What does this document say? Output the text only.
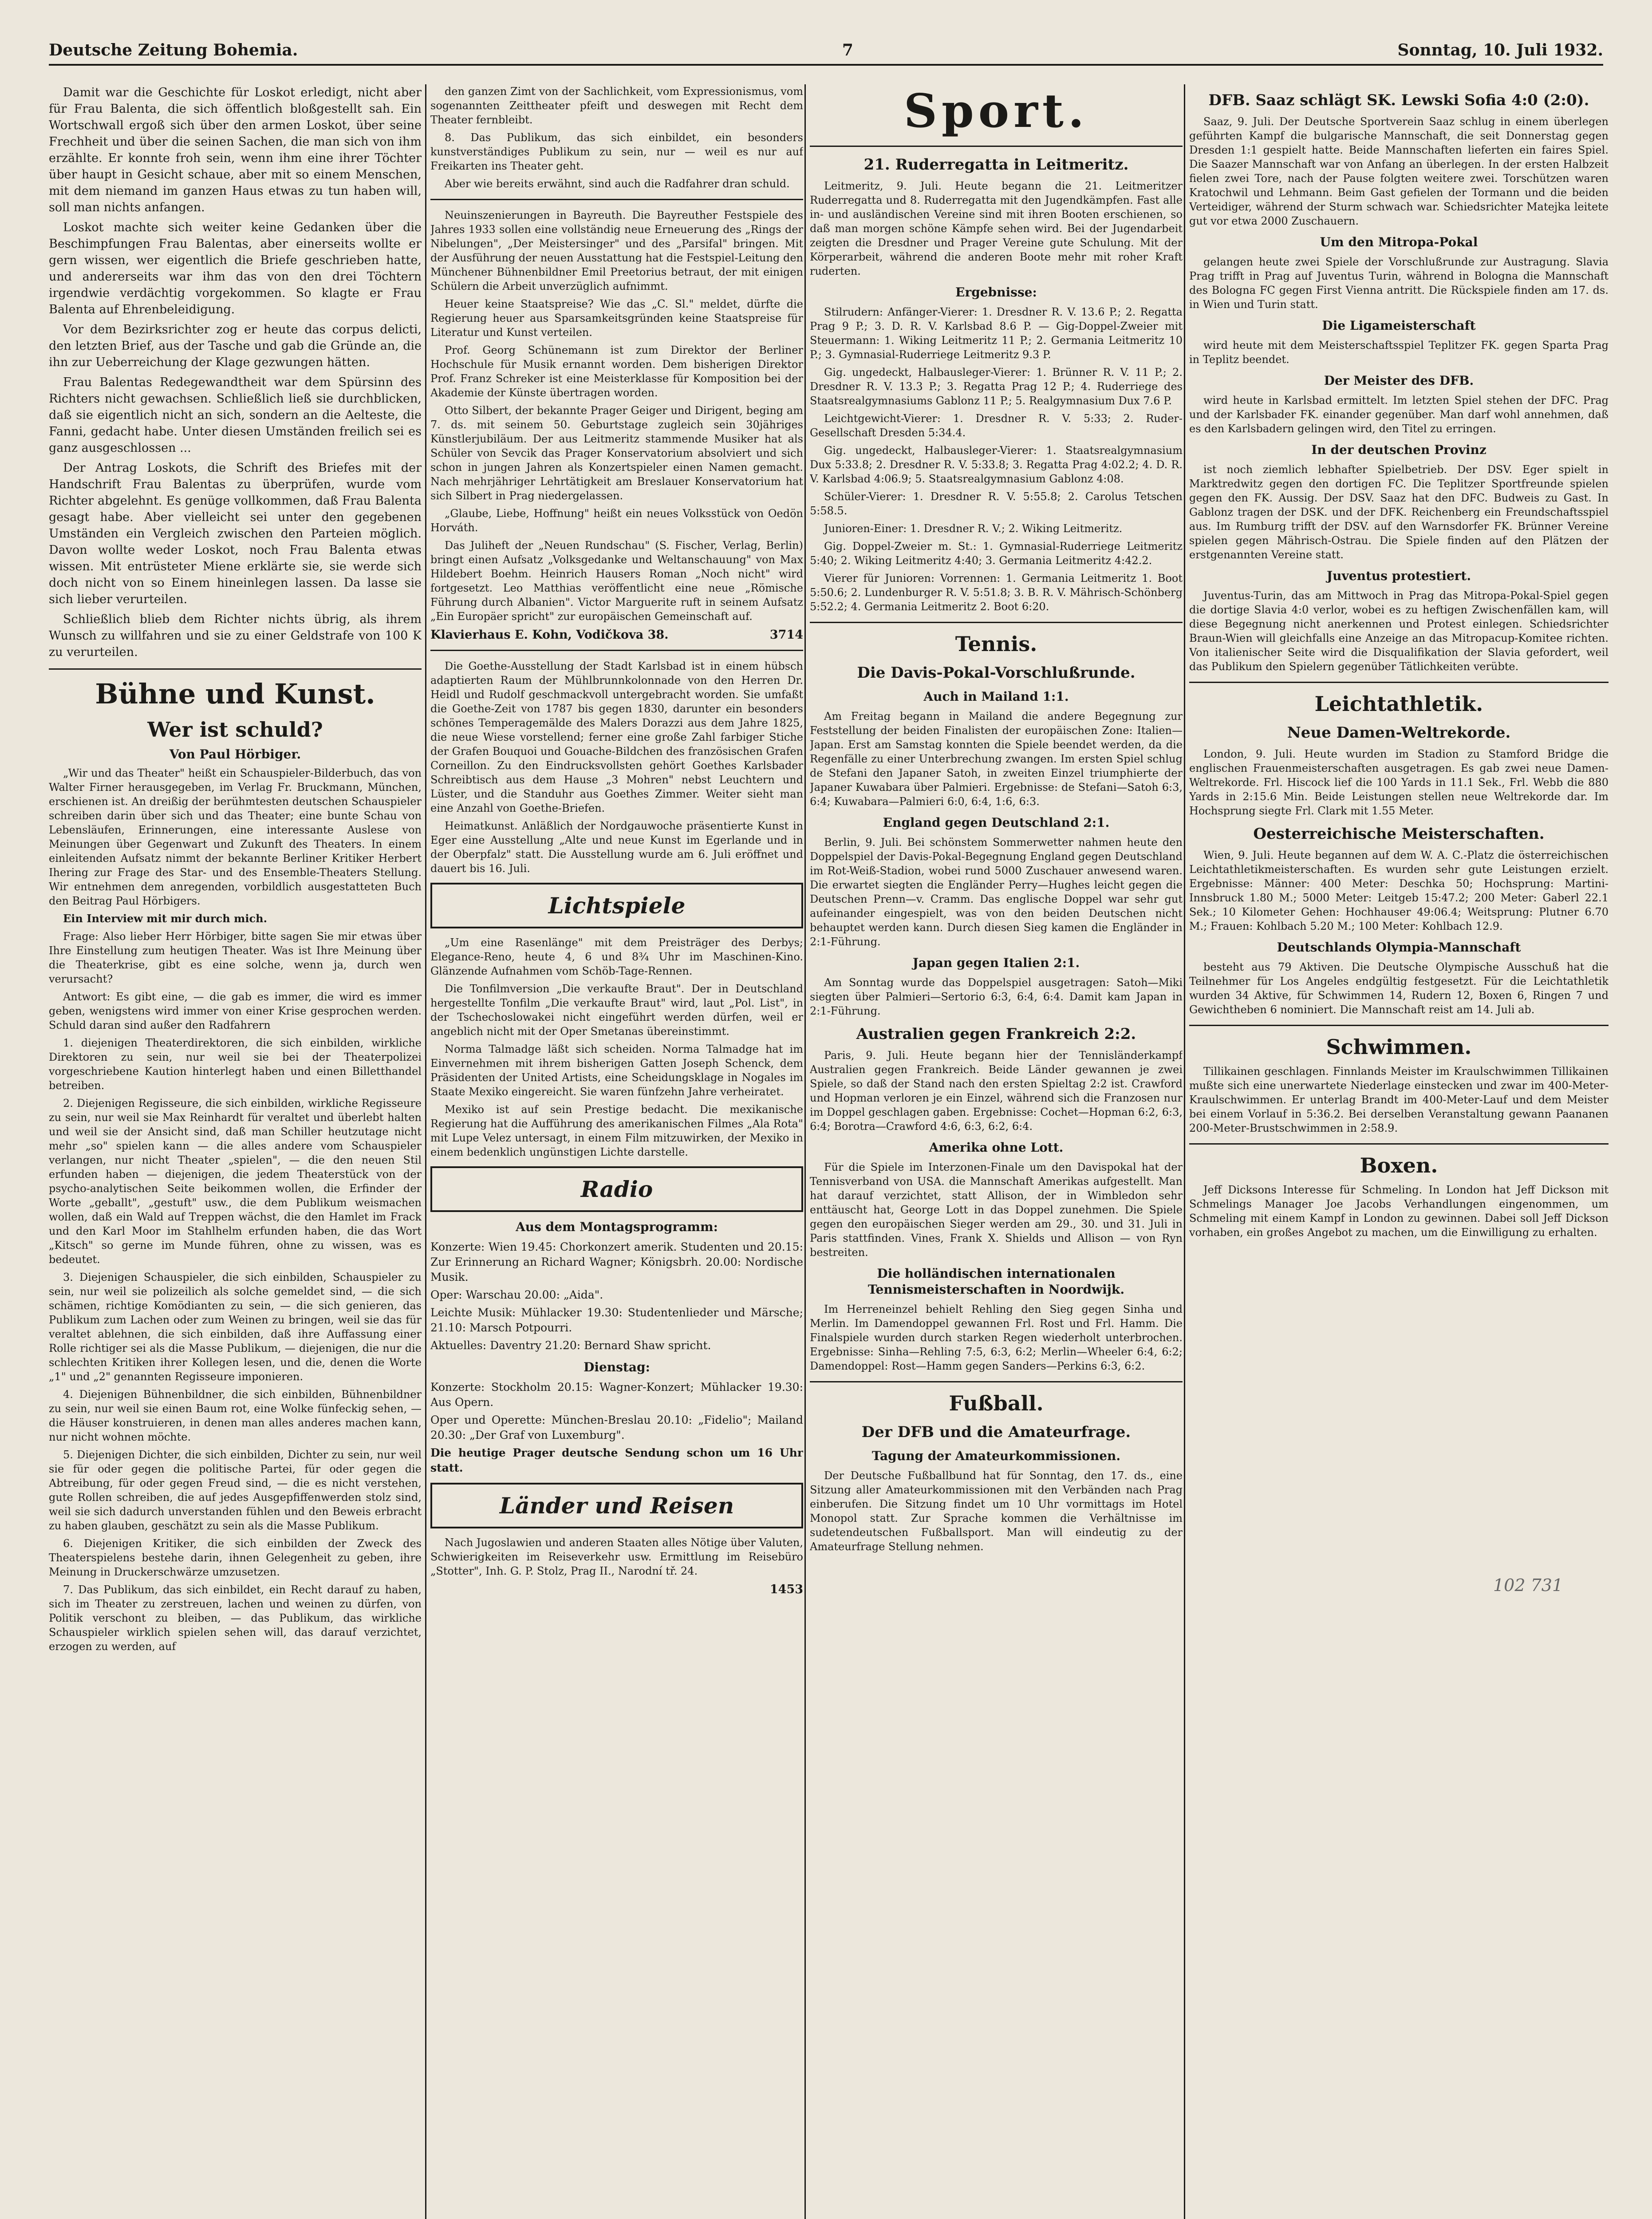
Deutsche Zeitung Bohemia.	7	Sonntag, 10. Juli 1932.

Damit war die Geschichte für Loskot erledigt, nicht aber für Frau Balenta, die sich öffentlich bloßgestellt sah. Ein Wortschwall ergoß sich über den armen Loskot, über seine Frechheit und über die seinen Sachen, die man sich von ihm erzählte. Er konnte froh sein, wenn ihm eine ihrer Töchter über haupt in Gesicht schaue, aber mit so einem Menschen, mit dem niemand im ganzen Haus etwas zu tun haben will, soll man nichts anfangen.

Loskot machte sich weiter keine Gedanken über die Beschimpfungen Frau Balentas, aber einerseits wollte er gern wissen, wer eigentlich die Briefe geschrieben hatte, und andererseits war ihm das von den drei Töchtern irgendwie verdächtig vorgekommen. So klagte er Frau Balenta auf Ehrenbeleidigung.

Vor dem Bezirksrichter zog er heute das corpus delicti, den letzten Brief, aus der Tasche und gab die Gründe an, die ihn zur Ueberreichung der Klage gezwungen hätten.

Frau Balentas Redegewandtheit war dem Spürsinn des Richters nicht gewachsen. Schließlich ließ sie durchblicken, daß sie eigentlich nicht an sich, sondern an die Aelteste, die Fanni, gedacht habe. Unter diesen Umständen freilich sei es ganz ausgeschlossen ...

Der Antrag Loskots, die Schrift des Briefes mit der Handschrift Frau Balentas zu überprüfen, wurde vom Richter abgelehnt. Es genüge vollkommen, daß Frau Balenta gesagt habe. Aber vielleicht sei unter den gegebenen Umständen ein Vergleich zwischen den Parteien möglich. Davon wollte weder Loskot, noch Frau Balenta etwas wissen. Mit entrüsteter Miene erklärte sie, sie werde sich doch nicht von so Einem hineinlegen lassen. Da lasse sie sich lieber verurteilen.

Schließlich blieb dem Richter nichts übrig, als ihrem Wunsch zu willfahren und sie zu einer Geldstrafe von 100 K zu verurteilen.

Bühne und Kunst.
Wer ist schuld?
Von Paul Hörbiger.

„Wir und das Theater" heißt ein Schauspieler-Bilderbuch, das von Walter Firner herausgegeben, im Verlag Fr. Bruckmann, München, erschienen ist. An dreißig der berühmtesten deutschen Schauspieler schreiben darin über sich und das Theater; eine bunte Schau von Lebensläufen, Erinnerungen, eine interessante Auslese von Meinungen über Gegenwart und Zukunft des Theaters. In einem einleitenden Aufsatz nimmt der bekannte Berliner Kritiker Herbert Ihering zur Frage des Star- und des Ensemble-Theaters Stellung. Wir entnehmen dem anregenden, vorbildlich ausgestatteten Buch den Beitrag Paul Hörbigers.

Ein Interview mit mir durch mich.

Frage: Also lieber Herr Hörbiger, bitte sagen Sie mir etwas über Ihre Einstellung zum heutigen Theater. Was ist Ihre Meinung über die Theaterkrise, gibt es eine solche, wenn ja, durch wen verursacht?

Antwort: Es gibt eine, — die gab es immer, die wird es immer geben, wenigstens wird immer von einer Krise gesprochen werden. Schuld daran sind außer den Radfahrern

1. diejenigen Theaterdirektoren, die sich einbilden, wirkliche Direktoren zu sein, nur weil sie bei der Theaterpolizei vorgeschriebene Kaution hinterlegt haben und einen Billetthandel betreiben.

2. Diejenigen Regisseure, die sich einbilden, wirkliche Regisseure zu sein, nur weil sie Max Reinhardt für veraltet und überlebt halten und weil sie der Ansicht sind, daß man Schiller heutzutage nicht mehr „so" spielen kann — die alles andere vom Schauspieler verlangen, nur nicht Theater „spielen", — die den neuen Stil erfunden haben — diejenigen, die jedem Theaterstück von der psycho-analytischen Seite beikommen wollen, die Erfinder der Worte „geballt", „gestuft" usw., die dem Publikum weismachen wollen, daß ein Wald auf Treppen wächst, die den Hamlet im Frack und den Karl Moor im Stahlhelm erfunden haben, die das Wort „Kitsch" so gerne im Munde führen, ohne zu wissen, was es bedeutet.

3. Diejenigen Schauspieler, die sich einbilden, Schauspieler zu sein, nur weil sie polizeilich als solche gemeldet sind, — die sich schämen, richtige Komödianten zu sein, — die sich genieren, das Publikum zum Lachen oder zum Weinen zu bringen, weil sie das für veraltet ablehnen, die sich einbilden, daß ihre Auffassung einer Rolle richtiger sei als die Masse Publikum, — diejenigen, die nur die schlechten Kritiken ihrer Kollegen lesen, und die, denen die Worte „1" und „2" genannten Regisseure imponieren.

4. Diejenigen Bühnenbildner, die sich einbilden, Bühnenbildner zu sein, nur weil sie einen Baum rot, eine Wolke fünfeckig sehen, — die Häuser konstruieren, in denen man alles anderes machen kann, nur nicht wohnen möchte.

5. Diejenigen Dichter, die sich einbilden, Dichter zu sein, nur weil sie für oder gegen die politische Partei, für oder gegen die Abtreibung, für oder gegen Freud sind, — die es nicht verstehen, gute Rollen schreiben, die auf jedes Ausgepfiffenwerden stolz sind, weil sie sich dadurch unverstanden fühlen und den Beweis erbracht zu haben glauben, geschätzt zu sein als die Masse Publikum.

6. Diejenigen Kritiker, die sich einbilden der Zweck des Theaterspielens bestehe darin, ihnen Gelegenheit zu geben, ihre Meinung in Druckerschwärze umzusetzen.

7. Das Publikum, das sich einbildet, ein Recht darauf zu haben, sich im Theater zu zerstreuen, lachen und weinen zu dürfen, von Politik verschont zu bleiben, — das Publikum, das wirkliche Schauspieler wirklich spielen sehen will, das darauf verzichtet, erzogen zu werden, auf

den ganzen Zimt von der Sachlichkeit, vom Expressionismus, vom sogenannten Zeittheater pfeift und deswegen mit Recht dem Theater fernbleibt.

8. Das Publikum, das sich einbildet, ein besonders kunstverständiges Publikum zu sein, nur — weil es nur auf Freikarten ins Theater geht.

Aber wie bereits erwähnt, sind auch die Radfahrer dran schuld.

Neuinszenierungen in Bayreuth. Die Bayreuther Festspiele des Jahres 1933 sollen eine vollständig neue Erneuerung des „Rings der Nibelungen", „Der Meistersinger" und des „Parsifal" bringen. Mit der Ausführung der neuen Ausstattung hat die Festspiel-Leitung den Münchener Bühnenbildner Emil Preetorius betraut, der mit einigen Schülern die Arbeit unverzüglich aufnimmt.

Heuer keine Staatspreise? Wie das „C. Sl." meldet, dürfte die Regierung heuer aus Sparsamkeitsgründen keine Staatspreise für Literatur und Kunst verteilen.

Prof. Georg Schünemann ist zum Direktor der Berliner Hochschule für Musik ernannt worden. Dem bisherigen Direktor Prof. Franz Schreker ist eine Meisterklasse für Komposition bei der Akademie der Künste übertragen worden.

Otto Silbert, der bekannte Prager Geiger und Dirigent, beging am 7. ds. mit seinem 50. Geburtstage zugleich sein 30jähriges Künstlerjubiläum. Der aus Leitmeritz stammende Musiker hat als Schüler von Sevcik das Prager Konservatorium absolviert und sich schon in jungen Jahren als Konzertspieler einen Namen gemacht. Nach mehrjähriger Lehrtätigkeit am Breslauer Konservatorium hat sich Silbert in Prag niedergelassen.

„Glaube, Liebe, Hoffnung" heißt ein neues Volksstück von Oedön Horváth.

Das Juliheft der „Neuen Rundschau" (S. Fischer, Verlag, Berlin) bringt einen Aufsatz „Volksgedanke und Weltanschauung" von Max Hildebert Boehm. Heinrich Hausers Roman „Noch nicht" wird fortgesetzt. Leo Matthias veröffentlicht eine neue „Römische Führung durch Albanien". Victor Marguerite ruft in seinem Aufsatz „Ein Europäer spricht" zur europäischen Gemeinschaft auf.

Klavierhaus E. Kohn, Vodičkova 38.	3714

Die Goethe-Ausstellung der Stadt Karlsbad ist in einem hübsch adaptierten Raum der Mühlbrunnkolonnade von den Herren Dr. Heidl und Rudolf geschmackvoll untergebracht worden. Sie umfaßt die Goethe-Zeit von 1787 bis gegen 1830, darunter ein besonders schönes Temperagemälde des Malers Dorazzi aus dem Jahre 1825, die neue Wiese vorstellend; ferner eine große Zahl farbiger Stiche der Grafen Bouquoi und Gouache-Bildchen des französischen Grafen Corneillon. Zu den Eindrucksvollsten gehört Goethes Karlsbader Schreibtisch aus dem Hause „3 Mohren" nebst Leuchtern und Lüster, und die Standuhr aus Goethes Zimmer. Weiter sieht man eine Anzahl von Goethe-Briefen.

Heimatkunst. Anläßlich der Nordgauwoche präsentierte Kunst in Eger eine Ausstellung „Alte und neue Kunst im Egerlande und in der Oberpfalz" statt. Die Ausstellung wurde am 6. Juli eröffnet und dauert bis 16. Juli.

Lichtspiele

„Um eine Rasenlänge" mit dem Preisträger des Derbys; Elegance-Reno, heute 4, 6 und 8¾ Uhr im Maschinen-Kino. Glänzende Aufnahmen vom Schöb-Tage-Rennen.

Die Tonfilmversion „Die verkaufte Braut". Der in Deutschland hergestellte Tonfilm „Die verkaufte Braut" wird, laut „Pol. List", in der Tschechoslowakei nicht eingeführt werden dürfen, weil er angeblich nicht mit der Oper Smetanas übereinstimmt.

Norma Talmadge läßt sich scheiden. Norma Talmadge hat im Einvernehmen mit ihrem bisherigen Gatten Joseph Schenck, dem Präsidenten der United Artists, eine Scheidungsklage in Nogales im Staate Mexiko eingereicht. Sie waren fünfzehn Jahre verheiratet.

Mexiko ist auf sein Prestige bedacht. Die mexikanische Regierung hat die Aufführung des amerikanischen Filmes „Ala Rota" mit Lupe Velez untersagt, in einem Film mitzuwirken, der Mexiko in einem bedenklich ungünstigen Lichte darstelle.

Radio
Aus dem Montagsprogramm:
Konzerte: Wien 19.45: Chorkonzert amerik. Studenten und 20.15: Zur Erinnerung an Richard Wagner; Königsbrh. 20.00: Nordische Musik.
Oper: Warschau 20.00: „Aida".
Leichte Musik: Mühlacker 19.30: Studentenlieder und Märsche; 21.10: Marsch Potpourri.
Aktuelles: Daventry 21.20: Bernard Shaw spricht.
Dienstag:
Konzerte: Stockholm 20.15: Wagner-Konzert; Mühlacker 19.30: Aus Opern.
Oper und Operette: München-Breslau 20.10: „Fidelio"; Mailand 20.30: „Der Graf von Luxemburg".
Die heutige Prager deutsche Sendung schon um 16 Uhr statt.
Länder und Reisen

Nach Jugoslawien und anderen Staaten alles Nötige über Valuten, Schwierigkeiten im Reiseverkehr usw. Ermittlung im Reisebüro „Stotter", Inh. G. P. Stolz, Prag II., Narodní tř. 24.

1453
Sport.
21. Ruderregatta in Leitmeritz.

Leitmeritz, 9. Juli. Heute begann die 21. Leitmeritzer Ruderregatta und 8. Ruderregatta mit den Jugendkämpfen. Fast alle in- und ausländischen Vereine sind mit ihren Booten erschienen, so daß man morgen schöne Kämpfe sehen wird. Bei der Jugendarbeit zeigten die Dresdner und Prager Vereine gute Schulung. Mit der Körperarbeit, während die anderen Boote mehr mit roher Kraft ruderten.

Ergebnisse:

Stilrudern: Anfänger-Vierer: 1. Dresdner R. V. 13.6 P.; 2. Regatta Prag 9 P.; 3. D. R. V. Karlsbad 8.6 P. — Gig-Doppel-Zweier mit Steuermann: 1. Wiking Leitmeritz 11 P.; 2. Germania Leitmeritz 10 P.; 3. Gymnasial-Ruderriege Leitmeritz 9.3 P.

Gig. ungedeckt, Halbausleger-Vierer: 1. Brünner R. V. 11 P.; 2. Dresdner R. V. 13.3 P.; 3. Regatta Prag 12 P.; 4. Ruderriege des Staatsrealgymnasiums Gablonz 11 P.; 5. Realgymnasium Dux 7.6 P.

Leichtgewicht-Vierer: 1. Dresdner R. V. 5:33; 2. Ruder-Gesellschaft Dresden 5:34.4.

Gig. ungedeckt, Halbausleger-Vierer: 1. Staatsrealgymnasium Dux 5:33.8; 2. Dresdner R. V. 5:33.8; 3. Regatta Prag 4:02.2; 4. D. R. V. Karlsbad 4:06.9; 5. Staatsrealgymnasium Gablonz 4:08.

Schüler-Vierer: 1. Dresdner R. V. 5:55.8; 2. Carolus Tetschen 5:58.5.

Junioren-Einer: 1. Dresdner R. V.; 2. Wiking Leitmeritz.

Gig. Doppel-Zweier m. St.: 1. Gymnasial-Ruderriege Leitmeritz 5:40; 2. Wiking Leitmeritz 4:40; 3. Germania Leitmeritz 4:42.2.

Vierer für Junioren: Vorrennen: 1. Germania Leitmeritz 1. Boot 5:50.6; 2. Lundenburger R. V. 5:51.8; 3. B. R. V. Mährisch-Schönberg 5:52.2; 4. Germania Leitmeritz 2. Boot 6:20.

Tennis.
Die Davis-Pokal-Vorschlußrunde.
Auch in Mailand 1:1.

Am Freitag begann in Mailand die andere Begegnung zur Feststellung der beiden Finalisten der europäischen Zone: Italien—Japan. Erst am Samstag konnten die Spiele beendet werden, da die Regenfälle zu einer Unterbrechung zwangen. Im ersten Spiel schlug de Stefani den Japaner Satoh, in zweiten Einzel triumphierte der Japaner Kuwabara über Palmieri. Ergebnisse: de Stefani—Satoh 6:3, 6:4; Kuwabara—Palmieri 6:0, 6:4, 1:6, 6:3.

England gegen Deutschland 2:1.

Berlin, 9. Juli. Bei schönstem Sommerwetter nahmen heute den Doppelspiel der Davis-Pokal-Begegnung England gegen Deutschland im Rot-Weiß-Stadion, wobei rund 5000 Zuschauer anwesend waren. Die erwartet siegten die Engländer Perry—Hughes leicht gegen die Deutschen Prenn—v. Cramm. Das englische Doppel war sehr gut aufeinander eingespielt, was von den beiden Deutschen nicht behauptet werden kann. Durch diesen Sieg kamen die Engländer in 2:1-Führung.

Japan gegen Italien 2:1.

Am Sonntag wurde das Doppelspiel ausgetragen: Satoh—Miki siegten über Palmieri—Sertorio 6:3, 6:4, 6:4. Damit kam Japan in 2:1-Führung.

Australien gegen Frankreich 2:2.

Paris, 9. Juli. Heute begann hier der Tennisländerkampf Australien gegen Frankreich. Beide Länder gewannen je zwei Spiele, so daß der Stand nach den ersten Spieltag 2:2 ist. Crawford und Hopman verloren je ein Einzel, während sich die Franzosen nur im Doppel geschlagen gaben. Ergebnisse: Cochet—Hopman 6:2, 6:3, 6:4; Borotra—Crawford 4:6, 6:3, 6:2, 6:4.

Amerika ohne Lott.

Für die Spiele im Interzonen-Finale um den Davispokal hat der Tennisverband von USA. die Mannschaft Amerikas aufgestellt. Man hat darauf verzichtet, statt Allison, der in Wimbledon sehr enttäuscht hat, George Lott in das Doppel zunehmen. Die Spiele gegen den europäischen Sieger werden am 29., 30. und 31. Juli in Paris stattfinden. Vines, Frank X. Shields und Allison — von Ryn bestreiten.

Die holländischen internationalen Tennismeisterschaften in Noordwijk.

Im Herreneinzel behielt Rehling den Sieg gegen Sinha und Merlin. Im Damendoppel gewannen Frl. Rost und Frl. Hamm. Die Finalspiele wurden durch starken Regen wiederholt unterbrochen. Ergebnisse: Sinha—Rehling 7:5, 6:3, 6:2; Merlin—Wheeler 6:4, 6:2; Damendoppel: Rost—Hamm gegen Sanders—Perkins 6:3, 6:2.

Fußball.
Der DFB und die Amateurfrage.
Tagung der Amateurkommissionen.

Der Deutsche Fußballbund hat für Sonntag, den 17. ds., eine Sitzung aller Amateurkommissionen mit den Verbänden nach Prag einberufen. Die Sitzung findet um 10 Uhr vormittags im Hotel Monopol statt. Zur Sprache kommen die Verhältnisse im sudetendeutschen Fußballsport. Man will eindeutig zu der Amateurfrage Stellung nehmen.

DFB. Saaz schlägt SK. Lewski Sofia 4:0 (2:0).

Saaz, 9. Juli. Der Deutsche Sportverein Saaz schlug in einem überlegen geführten Kampf die bulgarische Mannschaft, die seit Donnerstag gegen Dresden 1:1 gespielt hatte. Beide Mannschaften lieferten ein faires Spiel. Die Saazer Mannschaft war von Anfang an überlegen. In der ersten Halbzeit fielen zwei Tore, nach der Pause folgten weitere zwei. Torschützen waren Kratochwil und Lehmann. Beim Gast gefielen der Tormann und die beiden Verteidiger, während der Sturm schwach war. Schiedsrichter Matejka leitete gut vor etwa 2000 Zuschauern.

Um den Mitropa-Pokal

gelangen heute zwei Spiele der Vorschlußrunde zur Austragung. Slavia Prag trifft in Prag auf Juventus Turin, während in Bologna die Mannschaft des Bologna FC gegen First Vienna antritt. Die Rückspiele finden am 17. ds. in Wien und Turin statt.

Die Ligameisterschaft

wird heute mit dem Meisterschaftsspiel Teplitzer FK. gegen Sparta Prag in Teplitz beendet.

Der Meister des DFB.

wird heute in Karlsbad ermittelt. Im letzten Spiel stehen der DFC. Prag und der Karlsbader FK. einander gegenüber. Man darf wohl annehmen, daß es den Karlsbadern gelingen wird, den Titel zu erringen.

In der deutschen Provinz

ist noch ziemlich lebhafter Spielbetrieb. Der DSV. Eger spielt in Marktredwitz gegen den dortigen FC. Die Teplitzer Sportfreunde spielen gegen den FK. Aussig. Der DSV. Saaz hat den DFC. Budweis zu Gast. In Gablonz tragen der DSK. und der DFK. Reichenberg ein Freundschaftsspiel aus. Im Rumburg trifft der DSV. auf den Warnsdorfer FK. Brünner Vereine spielen gegen Mährisch-Ostrau. Die Spiele finden auf den Plätzen der erstgenannten Vereine statt.

Juventus protestiert.

Juventus-Turin, das am Mittwoch in Prag das Mitropa-Pokal-Spiel gegen die dortige Slavia 4:0 verlor, wobei es zu heftigen Zwischenfällen kam, will diese Begegnung nicht anerkennen und Protest einlegen. Schiedsrichter Braun-Wien will gleichfalls eine Anzeige an das Mitropacup-Komitee richten. Von italienischer Seite wird die Disqualifikation der Slavia gefordert, weil das Publikum den Spielern gegenüber Tätlichkeiten verübte.

Leichtathletik.
Neue Damen-Weltrekorde.

London, 9. Juli. Heute wurden im Stadion zu Stamford Bridge die englischen Frauenmeisterschaften ausgetragen. Es gab zwei neue Damen-Weltrekorde. Frl. Hiscock lief die 100 Yards in 11.1 Sek., Frl. Webb die 880 Yards in 2:15.6 Min. Beide Leistungen stellen neue Weltrekorde dar. Im Hochsprung siegte Frl. Clark mit 1.55 Meter.

Oesterreichische Meisterschaften.

Wien, 9. Juli. Heute begannen auf dem W. A. C.-Platz die österreichischen Leichtathletikmeisterschaften. Es wurden sehr gute Leistungen erzielt. Ergebnisse: Männer: 400 Meter: Deschka 50; Hochsprung: Martini-Innsbruck 1.80 M.; 5000 Meter: Leitgeb 15:47.2; 200 Meter: Gaberl 22.1 Sek.; 10 Kilometer Gehen: Hochhauser 49:06.4; Weitsprung: Plutner 6.70 M.; Frauen: Kohlbach 5.20 M.; 100 Meter: Kohlbach 12.9.

Deutschlands Olympia-Mannschaft

besteht aus 79 Aktiven. Die Deutsche Olympische Ausschuß hat die Teilnehmer für Los Angeles endgültig festgesetzt. Für die Leichtathletik wurden 34 Aktive, für Schwimmen 14, Rudern 12, Boxen 6, Ringen 7 und Gewichtheben 6 nominiert. Die Mannschaft reist am 14. Juli ab.

Schwimmen.

Tillikainen geschlagen. Finnlands Meister im Kraulschwimmen Tillikainen mußte sich eine unerwartete Niederlage einstecken und zwar im 400-Meter-Kraulschwimmen. Er unterlag Brandt im 400-Meter-Lauf und dem Meister bei einem Vorlauf in 5:36.2. Bei derselben Veranstaltung gewann Paananen 200-Meter-Brustschwimmen in 2:58.9.

Boxen.

Jeff Dicksons Interesse für Schmeling. In London hat Jeff Dickson mit Schmelings Manager Joe Jacobs Verhandlungen eingenommen, um Schmeling mit einem Kampf in London zu gewinnen. Dabei soll Jeff Dickson vorhaben, ein großes Angebot zu machen, um die Einwilligung zu erhalten.

102 731
